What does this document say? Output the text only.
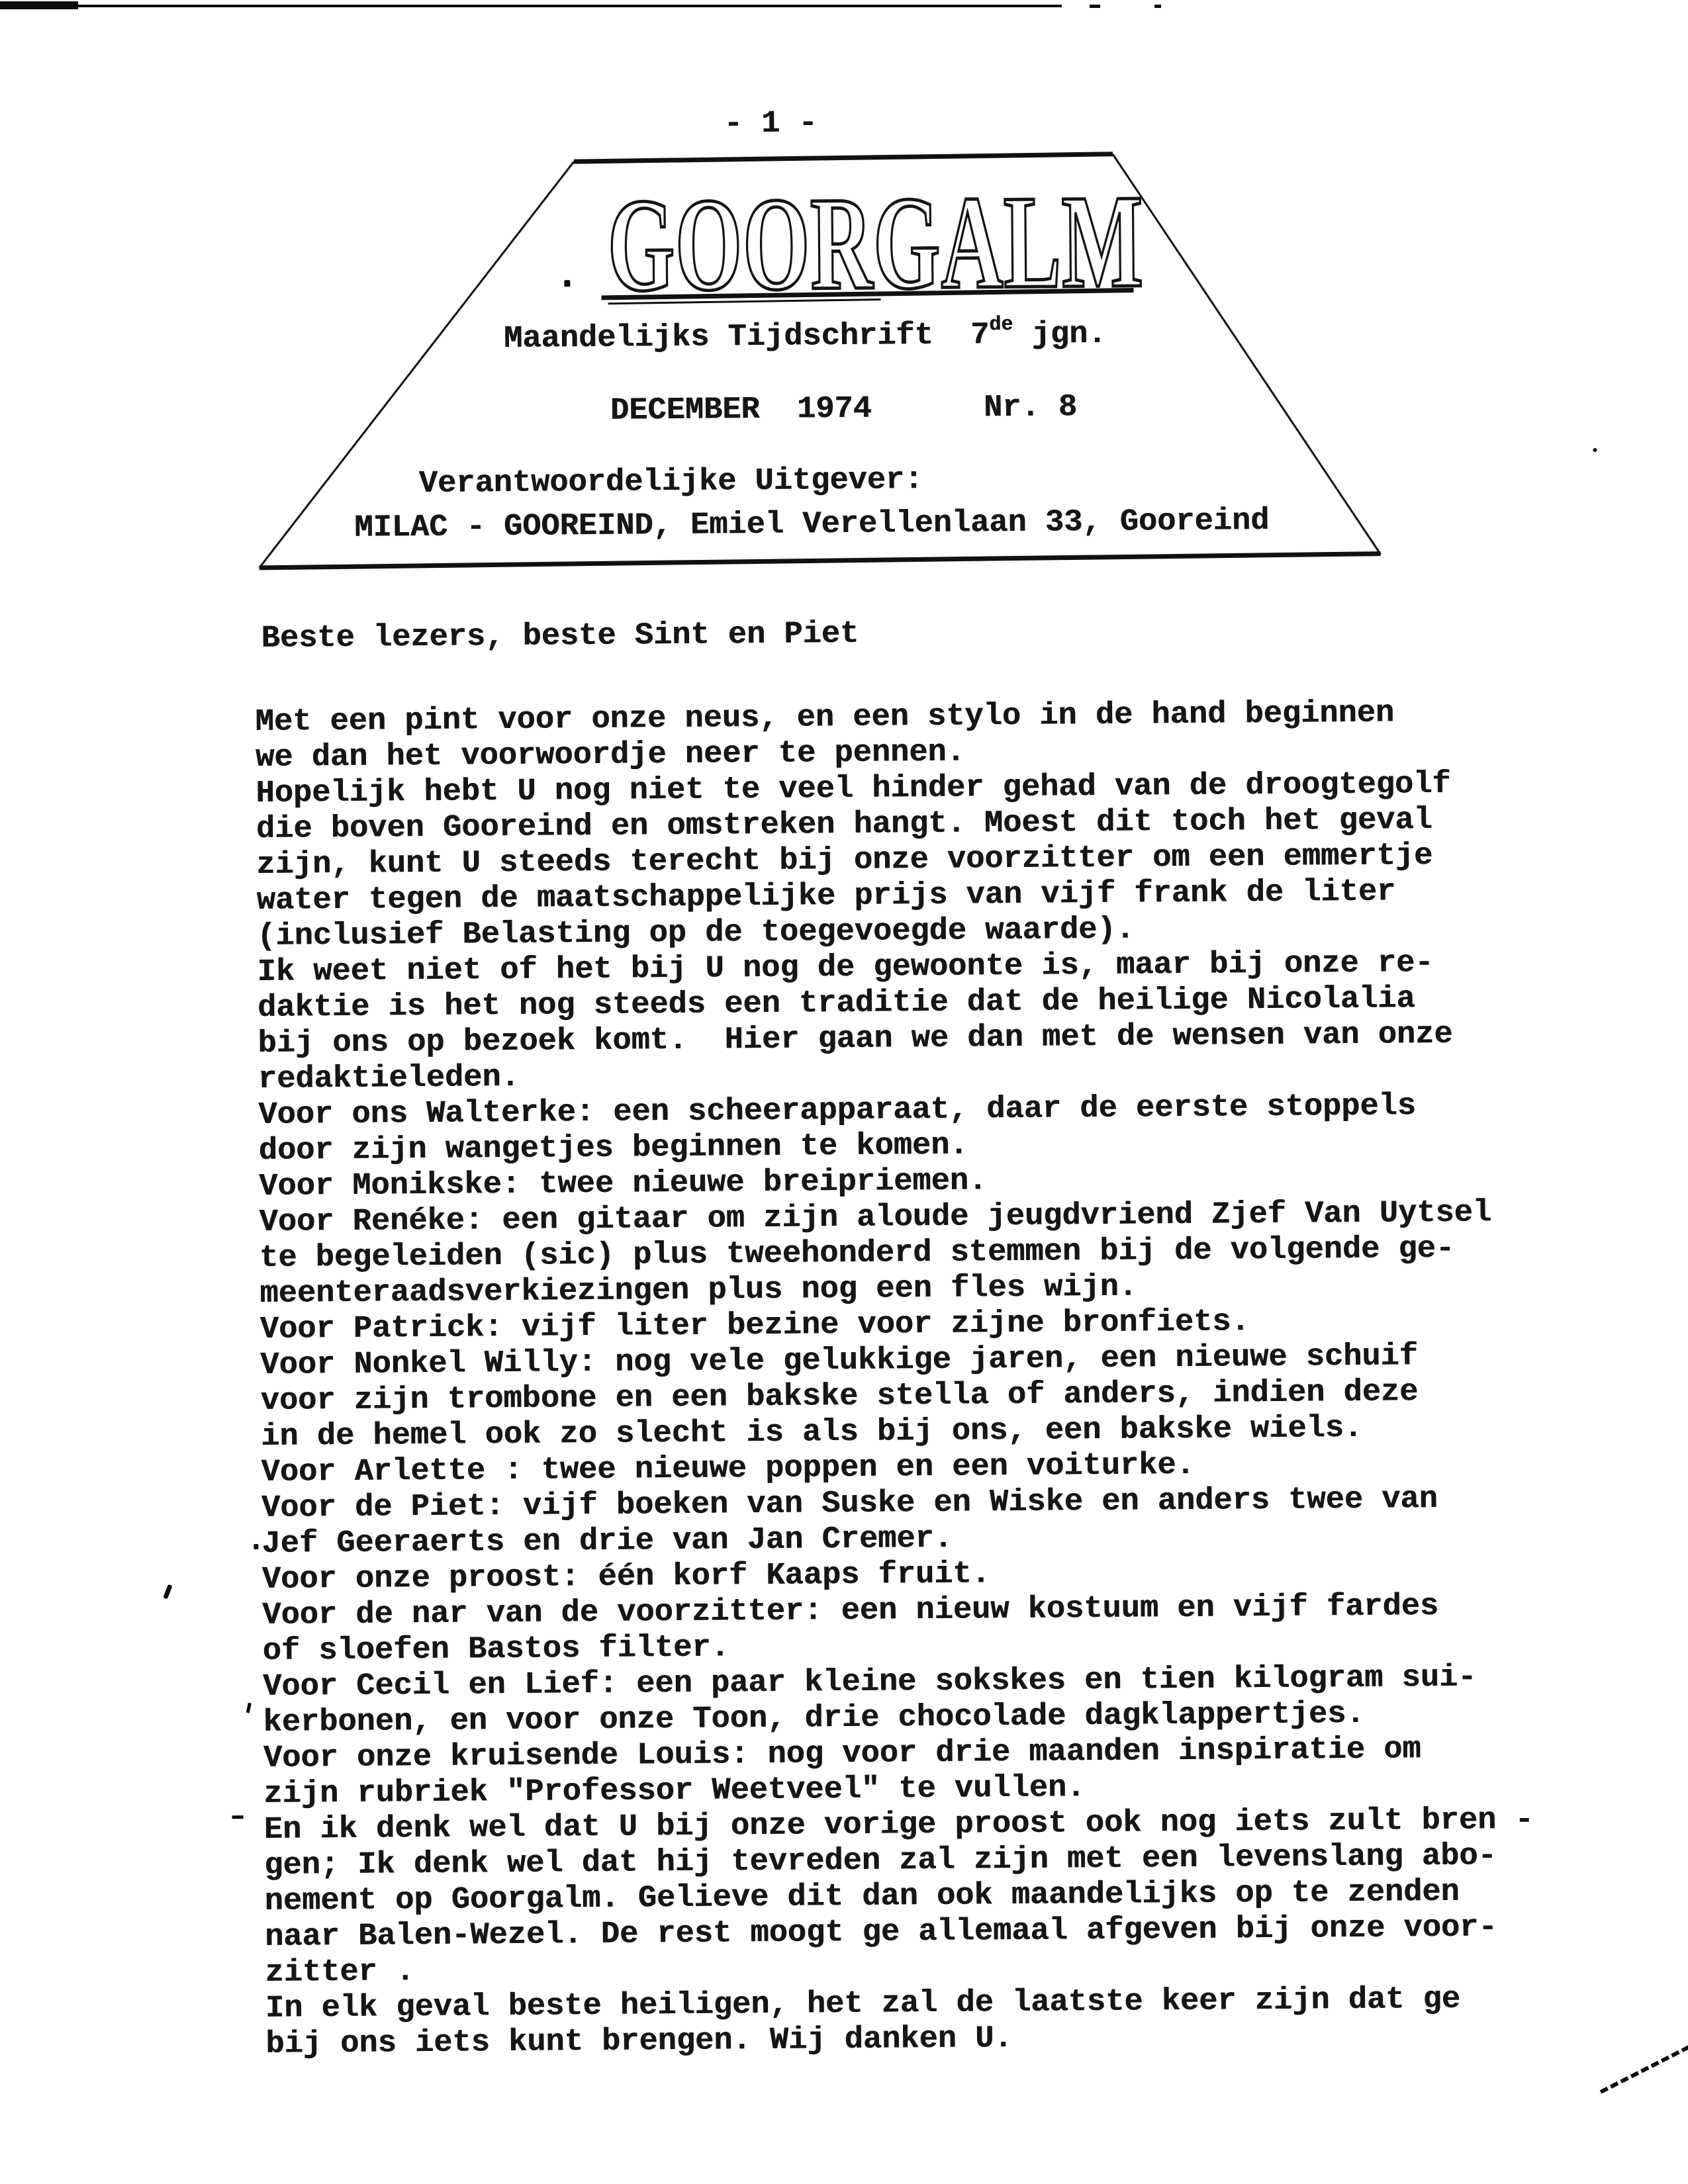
- 1 -
GOORGALM
Maandelijks Tijdschrift  7de jgn.
DECEMBER  1974      Nr. 8
Verantwoordelijke Uitgever:
MILAC - GOOREIND, Emiel Verellenlaan 33, Gooreind
Beste lezers, beste Sint en Piet
Met een pint voor onze neus, en een stylo in de hand beginnen
we dan het voorwoordje neer te pennen.
Hopelijk hebt U nog niet te veel hinder gehad van de droogtegolf
die boven Gooreind en omstreken hangt. Moest dit toch het geval
zijn, kunt U steeds terecht bij onze voorzitter om een emmertje
water tegen de maatschappelijke prijs van vijf frank de liter
(inclusief Belasting op de toegevoegde waarde).
Ik weet niet of het bij U nog de gewoonte is, maar bij onze re-
daktie is het nog steeds een traditie dat de heilige Nicolalia
bij ons op bezoek komt.  Hier gaan we dan met de wensen van onze
redaktieleden.
Voor ons Walterke: een scheerapparaat, daar de eerste stoppels
door zijn wangetjes beginnen te komen.
Voor Monikske: twee nieuwe breipriemen.
Voor Renéke: een gitaar om zijn aloude jeugdvriend Zjef Van Uytsel
te begeleiden (sic) plus tweehonderd stemmen bij de volgende ge-
meenteraadsverkiezingen plus nog een fles wijn.
Voor Patrick: vijf liter bezine voor zijne bronfiets.
Voor Nonkel Willy: nog vele gelukkige jaren, een nieuwe schuif
voor zijn trombone en een bakske stella of anders, indien deze
in de hemel ook zo slecht is als bij ons, een bakske wiels.
Voor Arlette : twee nieuwe poppen en een voiturke.
Voor de Piet: vijf boeken van Suske en Wiske en anders twee van
Jef Geeraerts en drie van Jan Cremer.
Voor onze proost: één korf Kaaps fruit.
Voor de nar van de voorzitter: een nieuw kostuum en vijf fardes
of sloefen Bastos filter.
Voor Cecil en Lief: een paar kleine sokskes en tien kilogram sui-
kerbonen, en voor onze Toon, drie chocolade dagklappertjes.
Voor onze kruisende Louis: nog voor drie maanden inspiratie om
zijn rubriek "Professor Weetveel" te vullen.
En ik denk wel dat U bij onze vorige proost ook nog iets zult bren -
gen; Ik denk wel dat hij tevreden zal zijn met een levenslang abo-
nement op Goorgalm. Gelieve dit dan ook maandelijks op te zenden
naar Balen-Wezel. De rest moogt ge allemaal afgeven bij onze voor-
zitter .
In elk geval beste heiligen, het zal de laatste keer zijn dat ge
bij ons iets kunt brengen. Wij danken U.
